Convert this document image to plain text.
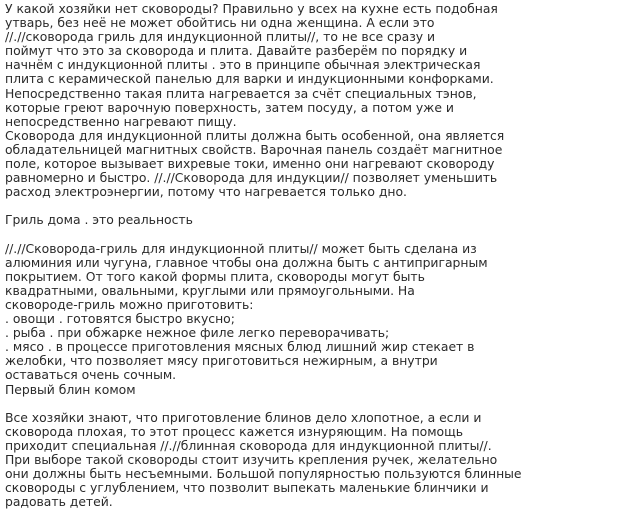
У какой хозяйки нет сковороды? Правильно у всех на кухне есть подобная
утварь, без неё не может обойтись ни одна женщина. А если это
//.//сковорода гриль для индукционной плиты//, то не все сразу и
поймут что это за сковорода и плита. Давайте разберём по порядку и
начнём с индукционной плиты . это в принципе обычная электрическая
плита с керамической панелью для варки и индукционными конфорками.
Непосредственно такая плита нагревается за счёт специальных тэнов,
которые греют варочную поверхность, затем посуду, а потом уже и
непосредственно нагревают пищу.
Сковорода для индукционной плиты должна быть особенной, она является
обладательницей магнитных свойств. Варочная панель создаёт магнитное
поле, которое вызывает вихревые токи, именно они нагревают сковороду
равномерно и быстро. //.//Сковорода для индукции// позволяет уменьшить
расход электроэнергии, потому что нагревается только дно.
Гриль дома . это реальность
//.//Сковорода-гриль для индукционной плиты// может быть сделана из
алюминия или чугуна, главное чтобы она должна быть с антипригарным
покрытием. От того какой формы плита, сковороды могут быть
квадратными, овальными, круглыми или прямоугольными. На
сковороде-гриль можно приготовить:
. овощи . готовятся быстро вкусно;
. рыба . при обжарке нежное филе легко переворачивать;
. мясо . в процессе приготовления мясных блюд лишний жир стекает в
желобки, что позволяет мясу приготовиться нежирным, а внутри
оставаться очень сочным.
Первый блин комом
Все хозяйки знают, что приготовление блинов дело хлопотное, а если и
сковорода плохая, то этот процесс кажется изнуряющим. На помощь
приходит специальная //.//блинная сковорода для индукционной плиты//.
При выборе такой сковороды стоит изучить крепления ручек, желательно
они должны быть несъемными. Большой популярностью пользуются блинные
сковороды с углублением, что позволит выпекать маленькие блинчики и
радовать детей.
